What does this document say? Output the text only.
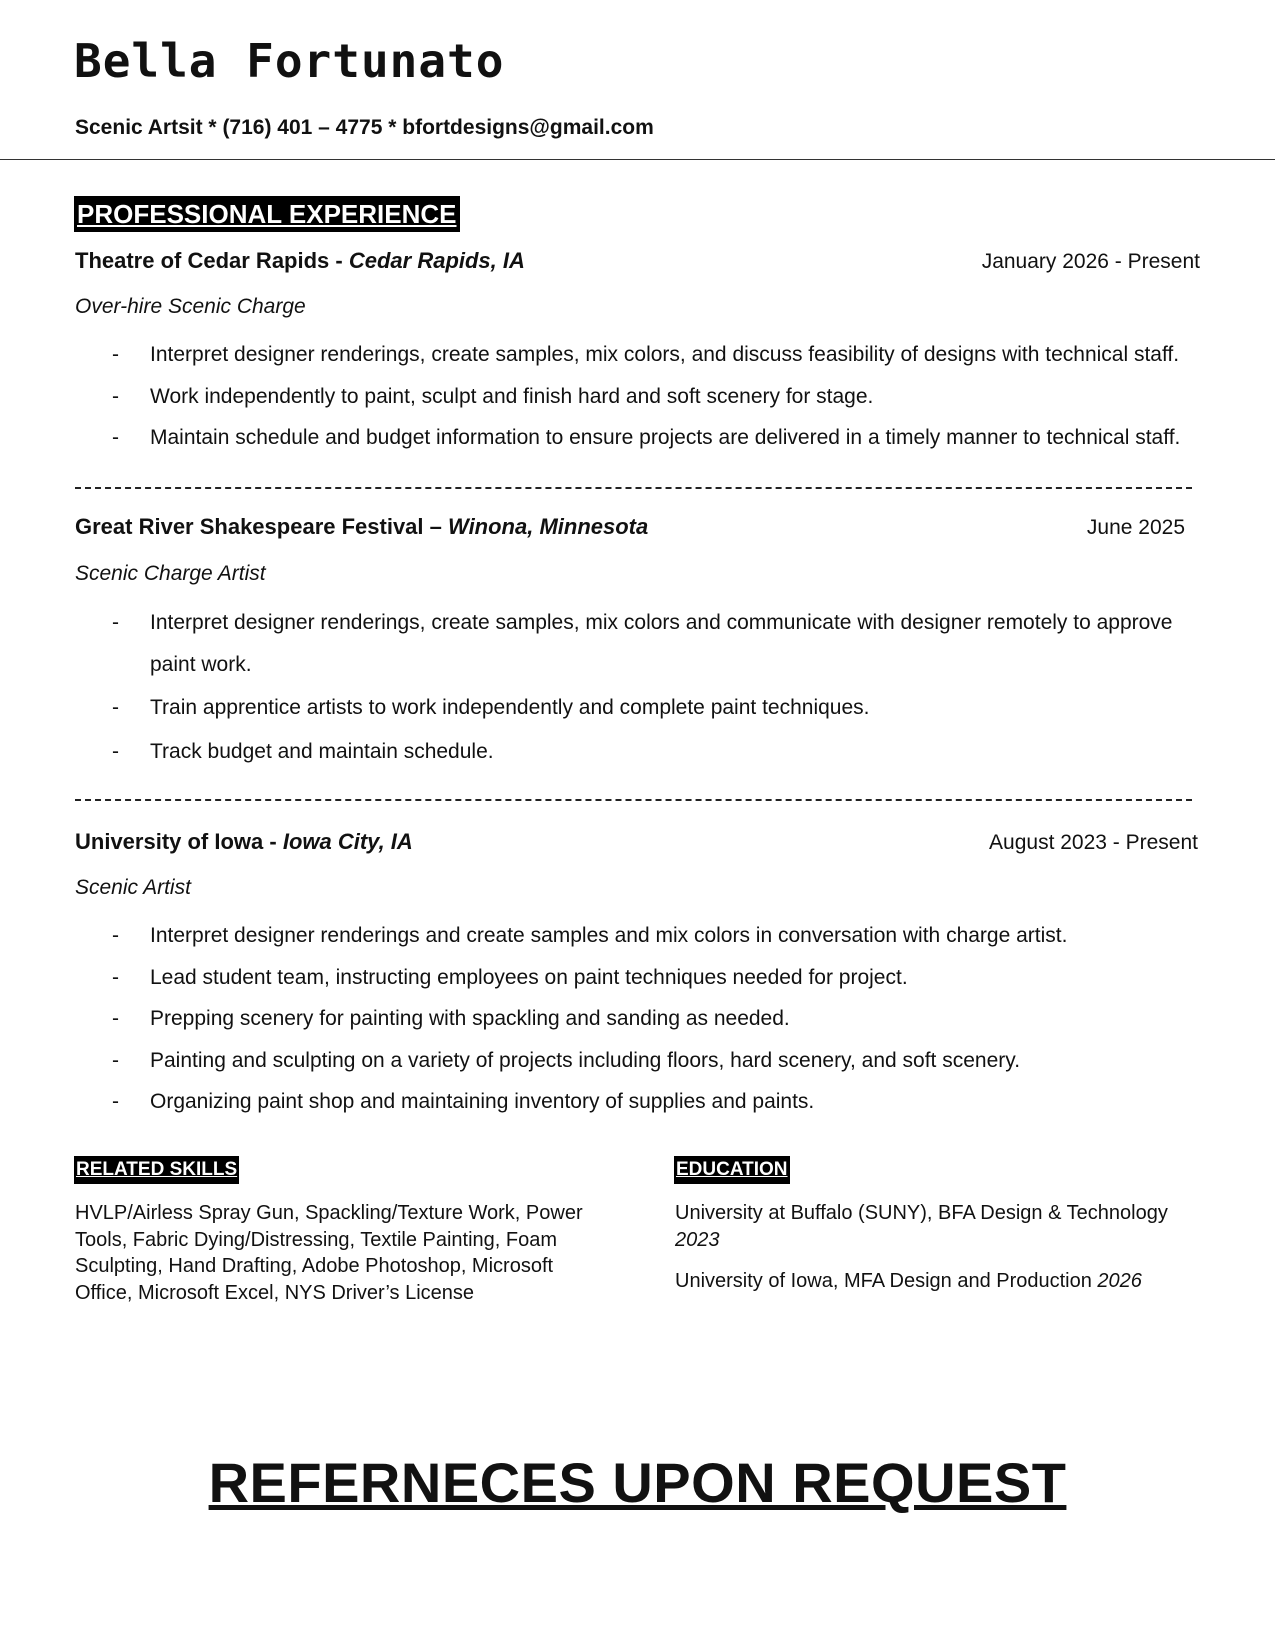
Bella Fortunato
Scenic Artsit * (716) 401 – 4775 * bfortdesigns@gmail.com
PROFESSIONAL EXPERIENCE
Theatre of Cedar Rapids - Cedar Rapids, IA	January 2026 - Present
Over-hire Scenic Charge
-	Interpret designer renderings, create samples, mix colors, and discuss feasibility of designs with technical staff.
-	Work independently to paint, sculpt and finish hard and soft scenery for stage.
-	Maintain schedule and budget information to ensure projects are delivered in a timely manner to technical staff.
Great River Shakespeare Festival – Winona, Minnesota	June 2025
Scenic Charge Artist
-	Interpret designer renderings, create samples, mix colors and communicate with designer remotely to approve paint work.
-	Train apprentice artists to work independently and complete paint techniques.
-	Track budget and maintain schedule.
University of Iowa - Iowa City, IA	August 2023 - Present
Scenic Artist
-	Interpret designer renderings and create samples and mix colors in conversation with charge artist.
-	Lead student team, instructing employees on paint techniques needed for project.
-	Prepping scenery for painting with spackling and sanding as needed.
-	Painting and sculpting on a variety of projects including floors, hard scenery, and soft scenery.
-	Organizing paint shop and maintaining inventory of supplies and paints.
RELATED SKILLS
HVLP/Airless Spray Gun, Spackling/Texture Work, Power Tools, Fabric Dying/Distressing, Textile Painting, Foam Sculpting, Hand Drafting, Adobe Photoshop, Microsoft Office, Microsoft Excel, NYS Driver’s License
EDUCATION
University at Buffalo (SUNY), BFA Design & Technology 2023
University of Iowa, MFA Design and Production 2026
REFERNECES UPON REQUEST
